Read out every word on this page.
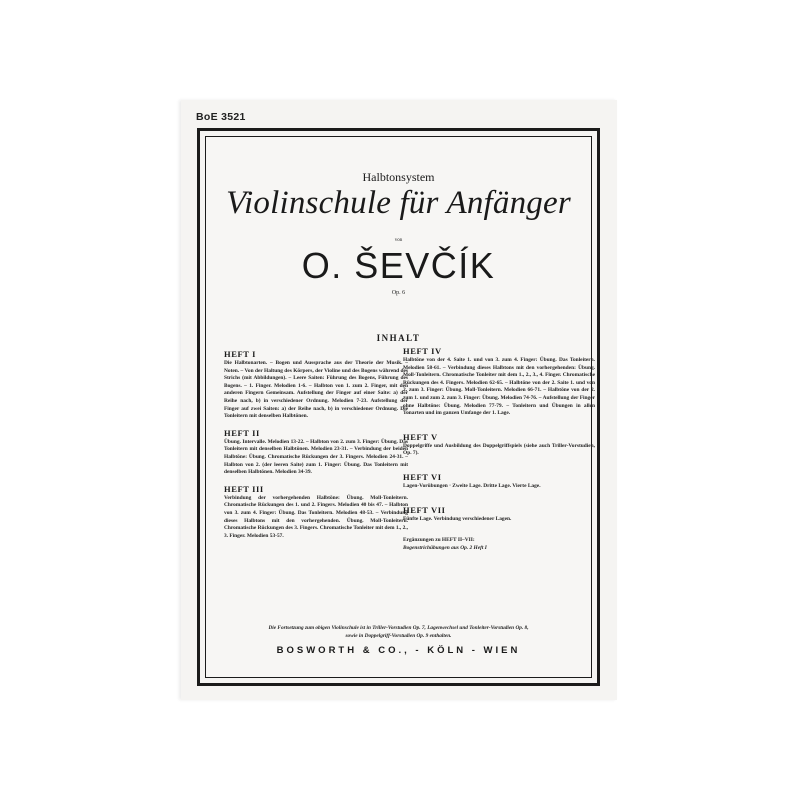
BoE 3521
Halbtonsystem
Violinschule für Anfänger
von
O. ŠEVČÍK
Op. 6
INHALT
HEFT I

Die Halbtonarten. – Bogen und Aussprache aus der Theorie der Musik. – Noten. – Von der Haltung des Körpers, der Violine und des Bogens während des Strichs (mit Abbildungen). – Leere Saiten: Führung des Bogens, Führung des Bogens. – 1. Finger. Melodien 1-6. – Halbton von 1. zum 2. Finger, mit den anderen Fingern Gemeinsam. Aufstellung der Finger auf einer Saite: a) der Reihe nach, b) in verschiedener Ordnung. Melodien 7-23. Aufstellung der Finger auf zwei Saiten: a) der Reihe nach, b) in verschiedener Ordnung. Die Tonleitern mit denselben Halbtönen.

HEFT II

Übung. Intervalle. Melodien 13-22. – Halbton von 2. zum 3. Finger: Übung. Das Tonleitern mit denselben Halbtönen. Melodien 23-31. – Verbindung der beiden Halbtöne: Übung. Chromatische Rückungen der 3. Fingers. Melodien 24-31. – Halbton von 2. (der leeren Saite) zum 1. Finger: Übung. Das Tonleitern mit denselben Halbtönen. Melodien 34-39.

HEFT III

Verbindung der vorhergehenden Halbtöne: Übung. Moll-Tonleitern. Chromatische Rückungen des 1. und 2. Fingers. Melodien 40 bis 47. – Halbton von 3. zum 4. Finger: Übung. Das Tonleitern. Melodien 48-53. – Verbindung dieses Halbtons mit den vorhergehenden. Übung. Moll-Tonleitern. Chromatische Rückungen des 3. Fingers. Chromatische Tonleiter mit dem 1., 2., 3. Finger. Melodien 53-57.

HEFT IV

Halbtöne von der 4. Saite 1. und von 3. zum 4. Finger: Übung. Das Tonleitern. Melodien 58-61. – Verbindung dieses Halbtons mit den vorhergehenden: Übung. Moll-Tonleitern. Chromatische Tonleiter mit dem 1., 2., 3., 4. Finger. Chromatische Rückungen des 4. Fingers. Melodien 62-65. – Halbtöne von der 2. Saite 1. und von 2. zum 3. Finger: Übung. Moll-Tonleitern. Melodien 66-71. – Halbtöne von der 2. zum 1. und zum 2. zum 3. Finger: Übung. Melodien 74-76. – Aufstellung der Finger ohne Halbtöne: Übung. Melodien 77-79. – Tonleitern und Übungen in allen Tonarten und im ganzen Umfange der 1. Lage.

HEFT V

Doppelgriffe und Ausbildung des Doppelgriffspiels (siehe auch Triller-Vorstudien, Op. 7).

HEFT VI

Lagen-Vorübungen · Zweite Lage. Dritte Lage. Vierte Lage.

HEFT VII

Fünfte Lage. Verbindung verschiedener Lagen.

Ergänzungen zu HEFT II–VII:

Bogenstrichübungen aus Op. 2 Heft I

Die Fortsetzung zum obigen Violinschule ist in Triller-Vorstudien Op. 7, Lagenwechsel und Tonleiter-Vorstudien Op. 8,
sowie in Doppelgriff-Vorstudien Op. 9 enthalten.
BOSWORTH & CO., - KÖLN - WIEN
